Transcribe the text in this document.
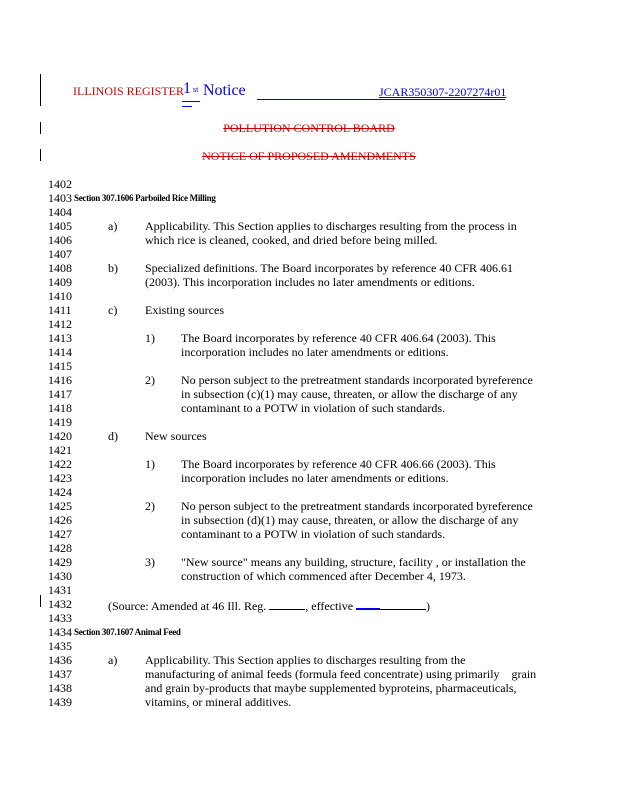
ILLINOIS REGISTER 1 st Notice	JCAR350307-2207274r01
POLLUTION CONTROL BOARD
NOTICE OF PROPOSED AMENDMENTS
1402
1403
1404
1405
1406
1407
1408
1409
1410
1411
1412
1413
1414
1415
1416
1417
1418
1419
1420
1421
1422
1423
1424
1425
1426
1427
1428
1429
1430
1431
1432
1433
1434
1435
1436
1437
1438
1439
Section 307.1606 Parboiled Rice Milling
a) Applicability. This Section applies to discharges resulting from the process in
which rice is cleaned, cooked, and dried before being milled.
b) Specialized definitions. The Board incorporates by reference 40 CFR 406.61
(2003). This incorporation includes no later amendments or editions.
c) Existing sources
1) The Board incorporates by reference 40 CFR 406.64 (2003). This
incorporation includes no later amendments or editions.
2) No person subject to the pretreatment standards incorporated byreference
in subsection (c)(1) may cause, threaten, or allow the discharge of any
contaminant to a POTW in violation of such standards.
d) New sources
1) The Board incorporates by reference 40 CFR 406.66 (2003). This
incorporation includes no later amendments or editions.
2) No person subject to the pretreatment standards incorporated byreference
in subsection (d)(1) may cause, threaten, or allow the discharge of any
contaminant to a POTW in violation of such standards.
3) "New source" means any building, structure, facility , or installation the
construction of which commenced after December 4, 1973.
(Source: Amended at 46 Ill. Reg.	, effective	)
Section 307.1607 Animal Feed
a) Applicability. This Section applies to discharges resulting from the
manufacturing of animal feeds (formula feed concentrate) using primarily    grain
and grain by-products that maybe supplemented byproteins, pharmaceuticals,
vitamins, or mineral additives.
